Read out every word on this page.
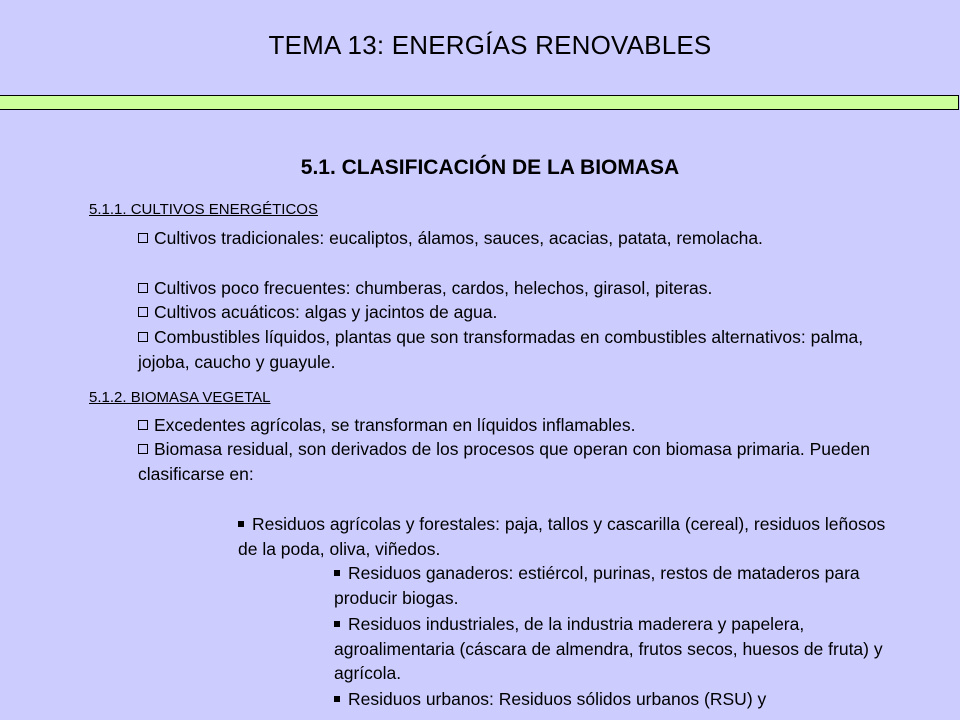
TEMA 13: ENERGÍAS RENOVABLES
5.1. CLASIFICACIÓN DE LA BIOMASA
5.1.1. CULTIVOS ENERGÉTICOS
Cultivos tradicionales: eucaliptos, álamos, sauces, acacias, patata, remolacha.
Cultivos poco frecuentes: chumberas, cardos, helechos, girasol, piteras.
Cultivos acuáticos: algas y jacintos de agua.
Combustibles líquidos, plantas que son transformadas en combustibles alternativos: palma, jojoba, caucho y guayule.
5.1.2. BIOMASA VEGETAL
Excedentes agrícolas, se transforman en líquidos inflamables.
Biomasa residual, son derivados de los procesos que operan con biomasa primaria. Pueden clasificarse en:
Residuos agrícolas y forestales: paja, tallos y cascarilla (cereal), residuos leñosos de la poda, oliva, viñedos.
Residuos ganaderos: estiércol, purinas, restos de mataderos para producir biogas.
Residuos industriales, de la industria maderera y papelera, agroalimentaria (cáscara de almendra, frutos secos, huesos de fruta) y agrícola.
Residuos urbanos: Residuos sólidos urbanos (RSU) y
